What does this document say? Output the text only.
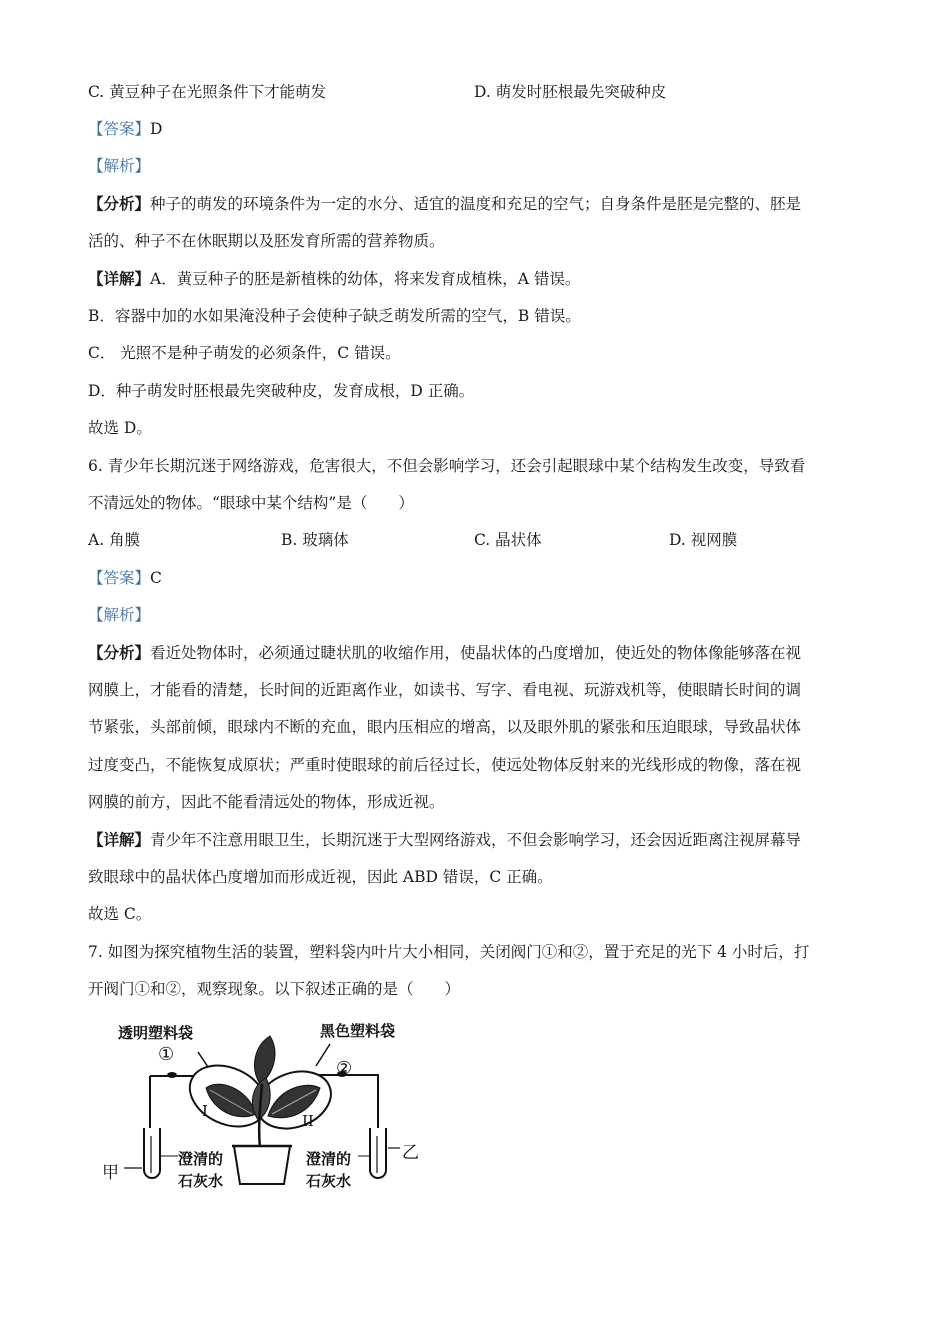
C. 黄豆种子在光照条件下才能萌发	D. 萌发时胚根最先突破种皮
【答案】D
【解析】
【分析】种子的萌发的环境条件为一定的水分、适宜的温度和充足的空气；自身条件是胚是完整的、胚是
活的、种子不在休眠期以及胚发育所需的营养物质。
【详解】A．黄豆种子的胚是新植株的幼体，将来发育成植株，A 错误。
B．容器中加的水如果淹没种子会使种子缺乏萌发所需的空气，B 错误。
C． 光照不是种子萌发的必须条件，C 错误。
D．种子萌发时胚根最先突破种皮，发育成根，D 正确。
故选 D。
6. 青少年长期沉迷于网络游戏，危害很大，不但会影响学习，还会引起眼球中某个结构发生改变，导致看
不清远处的物体。“眼球中某个结构”是（　　）
A. 角膜	B. 玻璃体	C. 晶状体	D. 视网膜
【答案】C
【解析】
【分析】看近处物体时，必须通过睫状肌的收缩作用，使晶状体的凸度增加，使近处的物体像能够落在视
网膜上，才能看的清楚，长时间的近距离作业，如读书、写字、看电视、玩游戏机等，使眼睛长时间的调
节紧张，头部前倾，眼球内不断的充血，眼内压相应的增高，以及眼外肌的紧张和压迫眼球，导致晶状体
过度变凸，不能恢复成原状；严重时使眼球的前后径过长，使远处物体反射来的光线形成的物像，落在视
网膜的前方，因此不能看清远处的物体，形成近视。
【详解】青少年不注意用眼卫生，长期沉迷于大型网络游戏，不但会影响学习，还会因近距离注视屏幕导
致眼球中的晶状体凸度增加而形成近视，因此 ABD 错误，C 正确。
故选 C。
7. 如图为探究植物生活的装置，塑料袋内叶片大小相同，关闭阀门①和②，置于充足的光下 4 小时后，打
开阀门①和②，观察现象。以下叙述正确的是（　　）
透明塑料袋	黑色塑料袋
①
②
I
II
甲
乙
澄清的
石灰水
澄清的
石灰水
